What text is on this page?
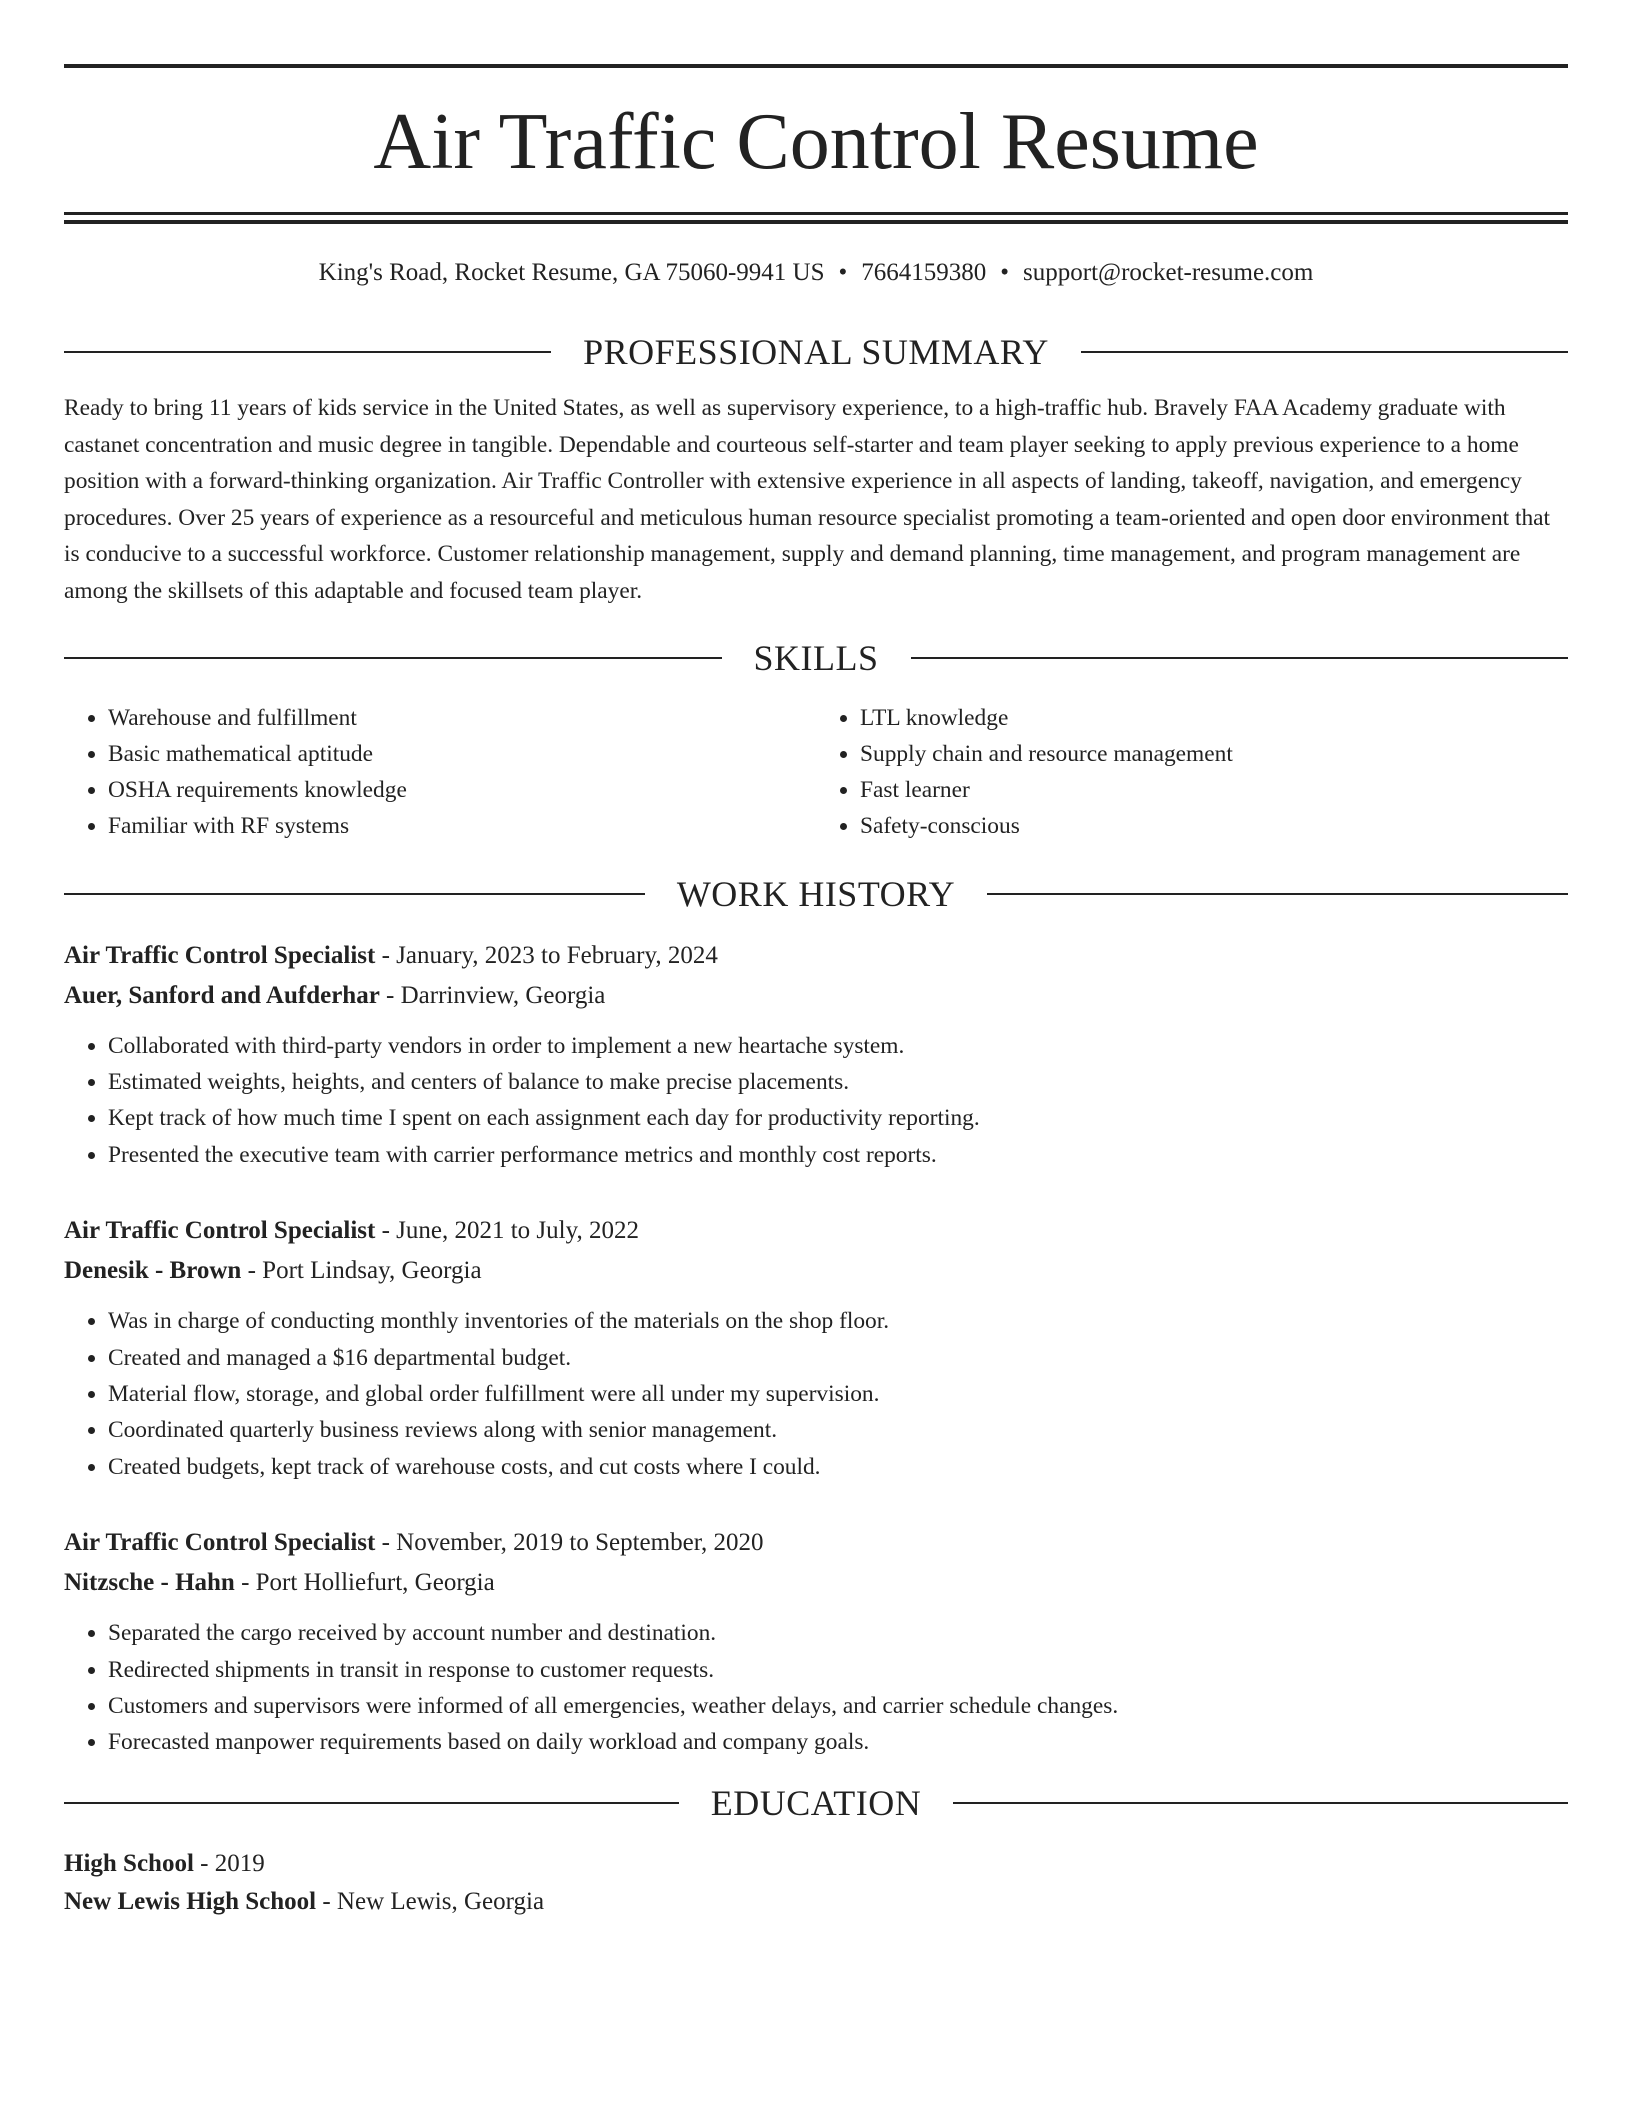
Air Traffic Control Resume
King's Road, Rocket Resume, GA 75060-9941 US • 7664159380 • support@rocket-resume.com
PROFESSIONAL SUMMARY
Ready to bring 11 years of kids service in the United States, as well as supervisory experience, to a high-traffic hub. Bravely FAA Academy graduate with castanet concentration and music degree in tangible. Dependable and courteous self-starter and team player seeking to apply previous experience to a home position with a forward-thinking organization. Air Traffic Controller with extensive experience in all aspects of landing, takeoff, navigation, and emergency procedures. Over 25 years of experience as a resourceful and meticulous human resource specialist promoting a team-oriented and open door environment that is conducive to a successful workforce. Customer relationship management, supply and demand planning, time management, and program management are among the skillsets of this adaptable and focused team player.
SKILLS
• Warehouse and fulfillment
• Basic mathematical aptitude
• OSHA requirements knowledge
• Familiar with RF systems
• LTL knowledge
• Supply chain and resource management
• Fast learner
• Safety-conscious
WORK HISTORY
Air Traffic Control Specialist - January, 2023 to February, 2024
Auer, Sanford and Aufderhar - Darrinview, Georgia
• Collaborated with third-party vendors in order to implement a new heartache system.
• Estimated weights, heights, and centers of balance to make precise placements.
• Kept track of how much time I spent on each assignment each day for productivity reporting.
• Presented the executive team with carrier performance metrics and monthly cost reports.
Air Traffic Control Specialist - June, 2021 to July, 2022
Denesik - Brown - Port Lindsay, Georgia
• Was in charge of conducting monthly inventories of the materials on the shop floor.
• Created and managed a $16 departmental budget.
• Material flow, storage, and global order fulfillment were all under my supervision.
• Coordinated quarterly business reviews along with senior management.
• Created budgets, kept track of warehouse costs, and cut costs where I could.
Air Traffic Control Specialist - November, 2019 to September, 2020
Nitzsche - Hahn - Port Holliefurt, Georgia
• Separated the cargo received by account number and destination.
• Redirected shipments in transit in response to customer requests.
• Customers and supervisors were informed of all emergencies, weather delays, and carrier schedule changes.
• Forecasted manpower requirements based on daily workload and company goals.
EDUCATION
High School - 2019
New Lewis High School - New Lewis, Georgia
